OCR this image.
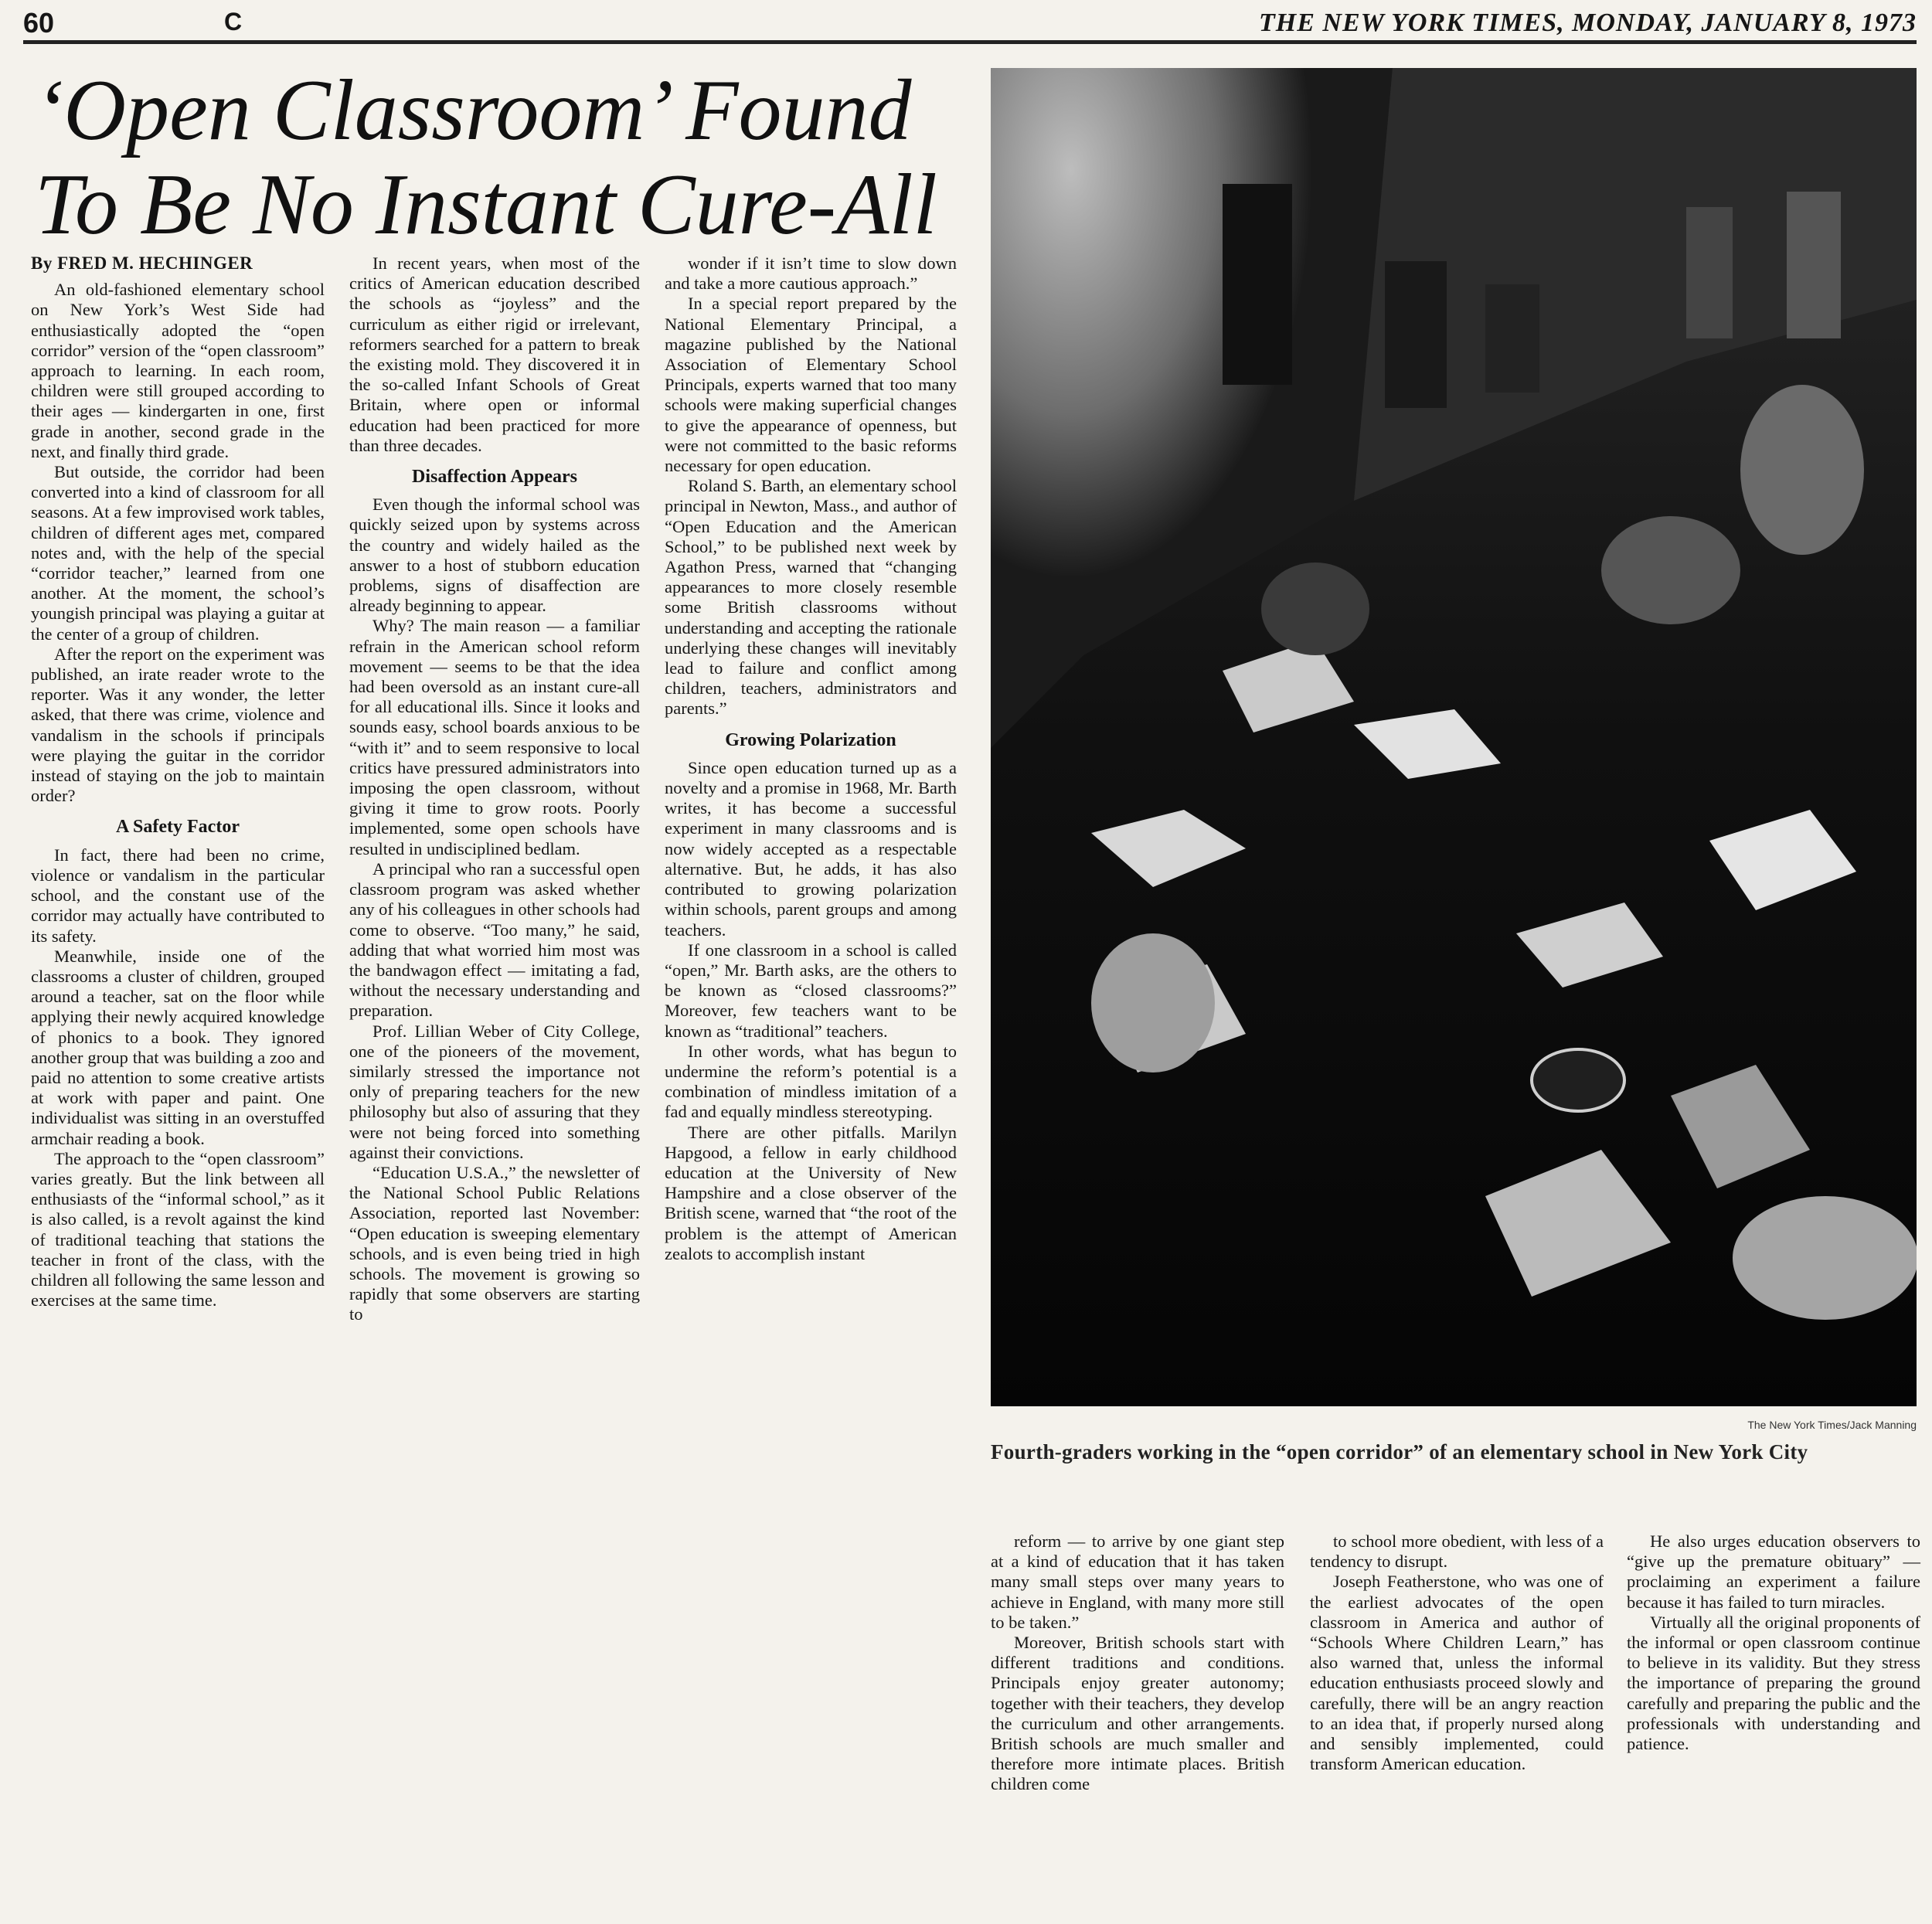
60	C	THE NEW YORK TIMES, MONDAY, JANUARY 8, 1973
‘Open Classroom’ Found
To Be No Instant Cure-All
By FRED M. HECHINGER

An old-fashioned elementary school on New York’s West Side had enthusiastically adopted the “open corridor” version of the “open classroom” approach to learning. In each room, children were still grouped according to their ages — kindergarten in one, first grade in another, second grade in the next, and finally third grade.

But outside, the corridor had been converted into a kind of classroom for all seasons. At a few improvised work tables, children of different ages met, compared notes and, with the help of the special “corridor teacher,” learned from one another. At the moment, the school’s youngish principal was playing a guitar at the center of a group of children.

After the report on the experiment was published, an irate reader wrote to the reporter. Was it any wonder, the letter asked, that there was crime, violence and vandalism in the schools if principals were playing the guitar in the corridor instead of staying on the job to maintain order?

A Safety Factor

In fact, there had been no crime, violence or vandalism in the particular school, and the constant use of the corridor may actually have contributed to its safety.

Meanwhile, inside one of the classrooms a cluster of children, grouped around a teacher, sat on the floor while applying their newly acquired knowledge of phonics to a book. They ignored another group that was building a zoo and paid no attention to some creative artists at work with paper and paint. One individualist was sitting in an overstuffed armchair reading a book.

The approach to the “open classroom” varies greatly. But the link between all enthusiasts of the “informal school,” as it is also called, is a revolt against the kind of traditional teaching that stations the teacher in front of the class, with the children all following the same lesson and exercises at the same time.

In recent years, when most of the critics of American education described the schools as “joyless” and the curriculum as either rigid or irrelevant, reformers searched for a pattern to break the existing mold. They discovered it in the so-called Infant Schools of Great Britain, where open or informal education had been practiced for more than three decades.

Disaffection Appears

Even though the informal school was quickly seized upon by systems across the country and widely hailed as the answer to a host of stubborn education problems, signs of disaffection are already beginning to appear.

Why? The main reason — a familiar refrain in the American school reform movement — seems to be that the idea had been oversold as an instant cure-all for all educational ills. Since it looks and sounds easy, school boards anxious to be “with it” and to seem responsive to local critics have pressured administrators into imposing the open classroom, without giving it time to grow roots. Poorly implemented, some open schools have resulted in undisciplined bedlam.

A principal who ran a successful open classroom program was asked whether any of his colleagues in other schools had come to observe. “Too many,” he said, adding that what worried him most was the bandwagon effect — imitating a fad, without the necessary understanding and preparation.

Prof. Lillian Weber of City College, one of the pioneers of the movement, similarly stressed the importance not only of preparing teachers for the new philosophy but also of assuring that they were not being forced into something against their convictions.

“Education U.S.A.,” the newsletter of the National School Public Relations Association, reported last November: “Open education is sweeping elementary schools, and is even being tried in high schools. The movement is growing so rapidly that some observers are starting to

wonder if it isn’t time to slow down and take a more cautious approach.”

In a special report prepared by the National Elementary Principal, a magazine published by the National Association of Elementary School Principals, experts warned that too many schools were making superficial changes to give the appearance of openness, but were not committed to the basic reforms necessary for open education.

Roland S. Barth, an elementary school principal in Newton, Mass., and author of “Open Education and the American School,” to be published next week by Agathon Press, warned that “changing appearances to more closely resemble some British classrooms without understanding and accepting the rationale underlying these changes will inevitably lead to failure and conflict among children, teachers, administrators and parents.”

Growing Polarization

Since open education turned up as a novelty and a promise in 1968, Mr. Barth writes, it has become a successful experiment in many classrooms and is now widely accepted as a respectable alternative. But, he adds, it has also contributed to growing polarization within schools, parent groups and among teachers.

If one classroom in a school is called “open,” Mr. Barth asks, are the others to be known as “closed classrooms?” Moreover, few teachers want to be known as “traditional” teachers.

In other words, what has begun to undermine the reform’s potential is a combination of mindless imitation of a fad and equally mindless stereotyping.

There are other pitfalls. Marilyn Hapgood, a fellow in early childhood education at the University of New Hampshire and a close observer of the British scene, warned that “the root of the problem is the attempt of American zealots to accomplish instant

The New York Times/Jack Manning
Fourth-graders working in the “open corridor” of an elementary school in New York City

reform — to arrive by one giant step at a kind of education that it has taken many small steps over many years to achieve in England, with many more still to be taken.”

Moreover, British schools start with different traditions and conditions. Principals enjoy greater autonomy; together with their teachers, they develop the curriculum and other arrangements. British schools are much smaller and therefore more intimate places. British children come

to school more obedient, with less of a tendency to disrupt.

Joseph Featherstone, who was one of the earliest advocates of the open classroom in America and author of “Schools Where Children Learn,” has also warned that, unless the informal education enthusiasts proceed slowly and carefully, there will be an angry reaction to an idea that, if properly nursed along and sensibly implemented, could transform American education.

He also urges education observers to “give up the premature obituary” — proclaiming an experiment a failure because it has failed to turn miracles.

Virtually all the original proponents of the informal or open classroom continue to believe in its validity. But they stress the importance of preparing the ground carefully and preparing the public and the professionals with understanding and patience.
